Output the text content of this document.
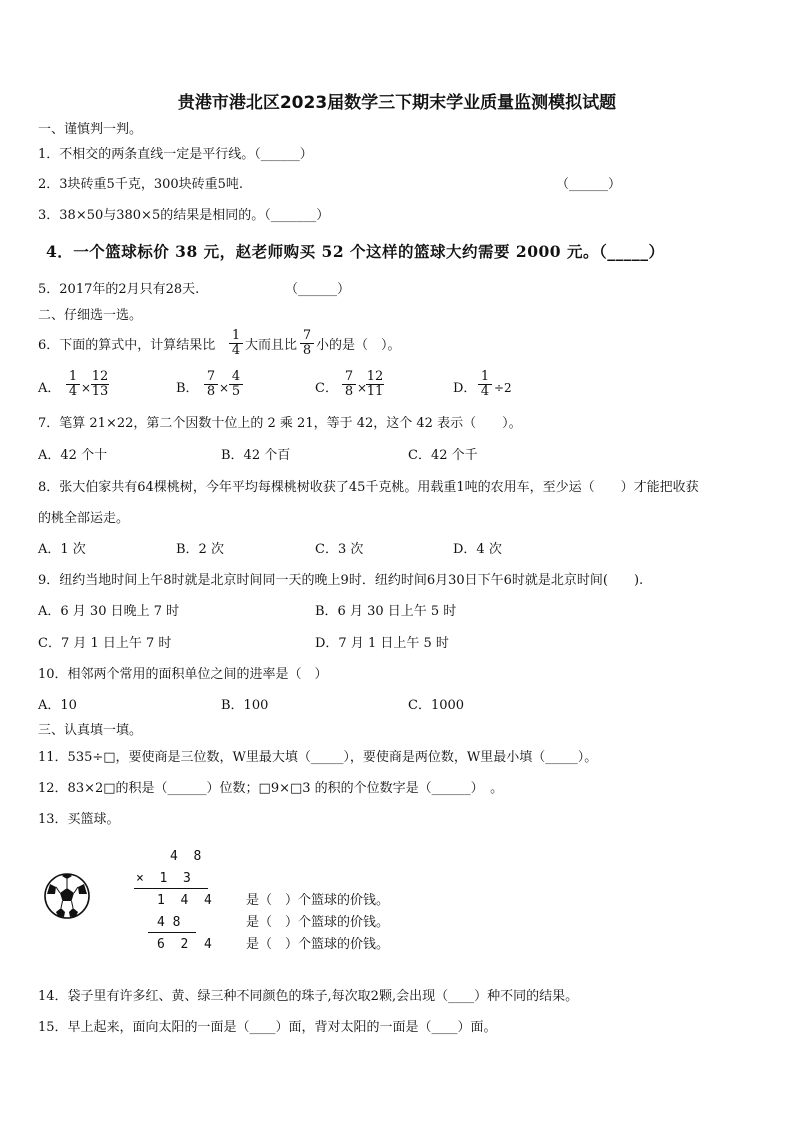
贵港市港北区2023届数学三下期末学业质量监测模拟试题
一、谨慎判一判。
1．不相交的两条直线一定是平行线。（______）
2．3块砖重5千克，300块砖重5吨.	（______）
3．38×50与380×5的结果是相同的。（_______）
4．一个篮球标价 38 元，赵老师购买 52 个这样的篮球大约需要 2000 元。（_____）
5．2017年的2月只有28天.	（______）
二、仔细选一选。
6．下面的算式中，计算结果比 $\frac{1}{4}$ 大而且比 $\frac{7}{8}$ 小的是（　）。
A． $\frac{1}{4} \times \frac{12}{13}$	B． $\frac{7}{8} \times \frac{4}{5}$	C． $\frac{7}{8}$ ×
$\frac{12}{11}$	D． $\frac{1}{4} \div 2$
7．笔算 21×22，第二个因数十位上的 2 乘 21，等于 42，这个 42 表示（　　）。
A．42 个十	B．42 个百	C．42 个千
8．张大伯家共有64棵桃树，今年平均每棵桃树收获了45千克桃。用载重1吨的农用车，至少运（　　）才能把收获
的桃全部运走。
A．1 次	B．2 次	C．3 次	D．4 次
9．纽约当地时间上午8时就是北京时间同一天的晚上9时．纽约时间6月30日下午6时就是北京时间(　　).
A．6 月 30 日晚上 7 时	B．6 月 30 日上午 5 时
C．7 月 1 日上午 7 时	D．7 月 1 日上午 5 时
10．相邻两个常用的面积单位之间的进率是（　）
A．10	B．100	C．1000
三、认真填一填。
11．535÷□，要使商是三位数，W里最大填（_____），要使商是两位数，W里最小填（_____）。
12．83×2□的积是（______）位数；□9×□3 的积的个位数字是（______）　。
13．买篮球。
4  8
×  1  3
1  4  4
4 8
6  2  4
是（　）个篮球的价钱。
是（　）个篮球的价钱。
是（　）个篮球的价钱。
14．袋子里有许多红、黄、绿三种不同颜色的珠子,每次取2颗,会出现（____）种不同的结果。
15．早上起来，面向太阳的一面是（____）面，背对太阳的一面是（____）面。
